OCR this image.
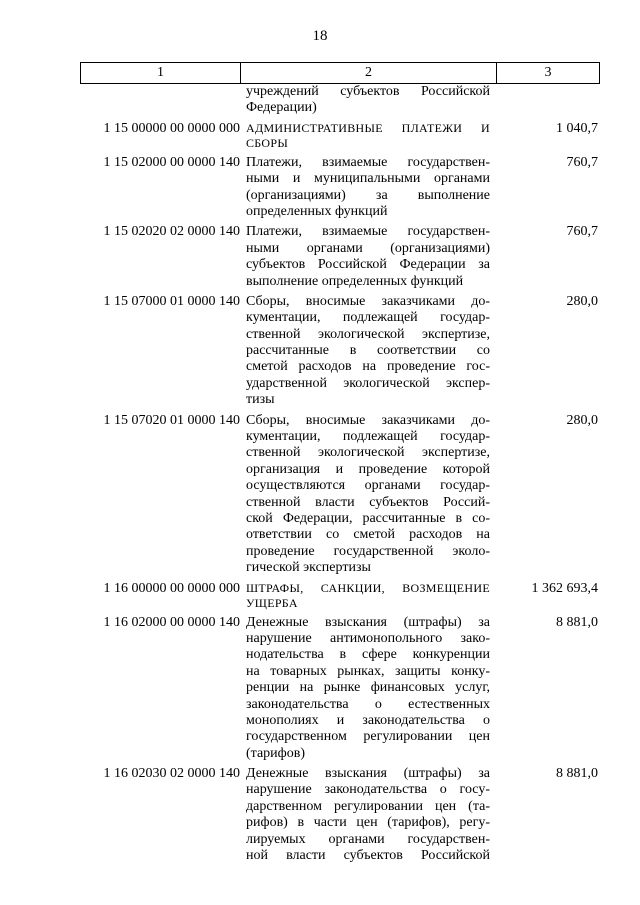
18
1	2	3
учреждений субъектов Российской
Федерации)
1 15 00000 00 0000 000 АДМИНИСТРАТИВНЫЕ ПЛАТЕЖИ И
СБОРЫ
1 040,7
1 15 02000 00 0000 140 Платежи, взимаемые государствен-
ными и муниципальными органами
(организациями) за выполнение
определенных функций
760,7
1 15 02020 02 0000 140 Платежи, взимаемые государствен-
ными органами (организациями)
субъектов Российской Федерации за
выполнение определенных функций
760,7
1 15 07000 01 0000 140 Сборы, вносимые заказчиками до-
кументации, подлежащей государ-
ственной экологической экспертизе,
рассчитанные в соответствии со
сметой расходов на проведение гос-
ударственной экологической экспер-
тизы
280,0
1 15 07020 01 0000 140 Сборы, вносимые заказчиками до-
кументации, подлежащей государ-
ственной экологической экспертизе,
организация и проведение которой
осуществляются органами государ-
ственной власти субъектов Россий-
ской Федерации, рассчитанные в со-
ответствии со сметой расходов на
проведение государственной эколо-
гической экспертизы
280,0
1 16 00000 00 0000 000 ШТРАФЫ, САНКЦИИ, ВОЗМЕЩЕНИЕ
УЩЕРБА
1 362 693,4
1 16 02000 00 0000 140 Денежные взыскания (штрафы) за
нарушение антимонопольного зако-
нодательства в сфере конкуренции
на товарных рынках, защиты конку-
ренции на рынке финансовых услуг,
законодательства о естественных
монополиях и законодательства о
государственном регулировании цен
(тарифов)
8 881,0
1 16 02030 02 0000 140 Денежные взыскания (штрафы) за
нарушение законодательства о госу-
дарственном регулировании цен (та-
рифов) в части цен (тарифов), регу-
лируемых органами государствен-
ной власти субъектов Российской
8 881,0
